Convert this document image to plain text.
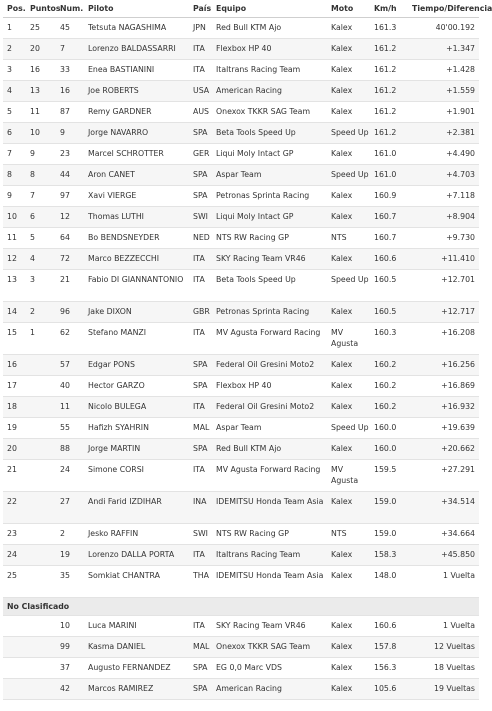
Pos.	Puntos	Num.	Piloto	País	Equipo	Moto	Km/h	Tiempo/Diferencia
1	25	45	Tetsuta NAGASHIMA	JPN	Red Bull KTM Ajo	Kalex	161.3	40'00.192
2	20	7	Lorenzo BALDASSARRI	ITA	Flexbox HP 40	Kalex	161.2	+1.347
3	16	33	Enea BASTIANINI	ITA	Italtrans Racing Team	Kalex	161.2	+1.428
4	13	16	Joe ROBERTS	USA	American Racing	Kalex	161.2	+1.559
5	11	87	Remy GARDNER	AUS	Onexox TKKR SAG Team	Kalex	161.2	+1.901
6	10	9	Jorge NAVARRO	SPA	Beta Tools Speed Up	Speed Up	161.2	+2.381
7	9	23	Marcel SCHROTTER	GER	Liqui Moly Intact GP	Kalex	161.0	+4.490
8	8	44	Aron CANET	SPA	Aspar Team	Speed Up	161.0	+4.703
9	7	97	Xavi VIERGE	SPA	Petronas Sprinta Racing	Kalex	160.9	+7.118
10	6	12	Thomas LUTHI	SWI	Liqui Moly Intact GP	Kalex	160.7	+8.904
11	5	64	Bo BENDSNEYDER	NED	NTS RW Racing GP	NTS	160.7	+9.730
12	4	72	Marco BEZZECCHI	ITA	SKY Racing Team VR46	Kalex	160.6	+11.410
13	3	21	Fabio DI GIANNANTONIO	ITA	Beta Tools Speed Up	Speed Up	160.5	+12.701
14	2	96	Jake DIXON	GBR	Petronas Sprinta Racing	Kalex	160.5	+12.717
15	1	62	Stefano MANZI	ITA	MV Agusta Forward Racing	MV Agusta	160.3	+16.208
16		57	Edgar PONS	SPA	Federal Oil Gresini Moto2	Kalex	160.2	+16.256
17		40	Hector GARZO	SPA	Flexbox HP 40	Kalex	160.2	+16.869
18		11	Nicolo BULEGA	ITA	Federal Oil Gresini Moto2	Kalex	160.2	+16.932
19		55	Hafizh SYAHRIN	MAL	Aspar Team	Speed Up	160.0	+19.639
20		88	Jorge MARTIN	SPA	Red Bull KTM Ajo	Kalex	160.0	+20.662
21		24	Simone CORSI	ITA	MV Agusta Forward Racing	MV Agusta	159.5	+27.291
22		27	Andi Farid IZDIHAR	INA	IDEMITSU Honda Team Asia	Kalex	159.0	+34.514
23		2	Jesko RAFFIN	SWI	NTS RW Racing GP	NTS	159.0	+34.664
24		19	Lorenzo DALLA PORTA	ITA	Italtrans Racing Team	Kalex	158.3	+45.850
25		35	Somkiat CHANTRA	THA	IDEMITSU Honda Team Asia	Kalex	148.0	1 Vuelta
No Clasificado								
		10	Luca MARINI	ITA	SKY Racing Team VR46	Kalex	160.6	1 Vuelta
		99	Kasma DANIEL	MAL	Onexox TKKR SAG Team	Kalex	157.8	12 Vueltas
		37	Augusto FERNANDEZ	SPA	EG 0,0 Marc VDS	Kalex	156.3	18 Vueltas
		42	Marcos RAMIREZ	SPA	American Racing	Kalex	105.6	19 Vueltas
